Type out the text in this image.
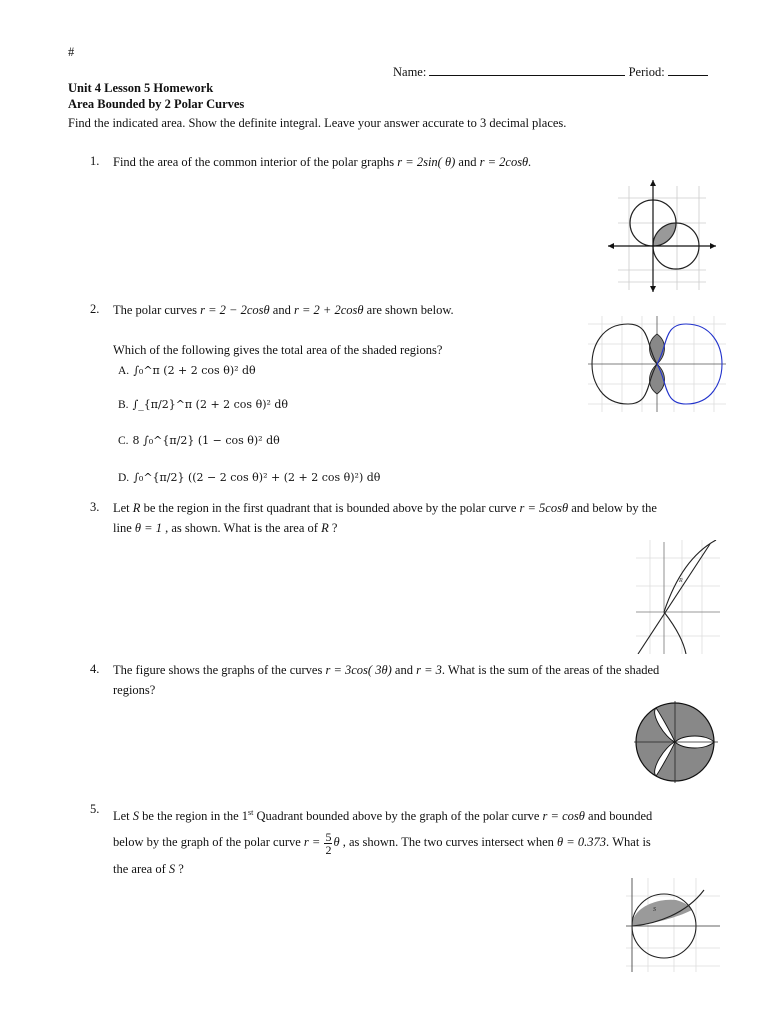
#
Name:	Period:
Unit 4 Lesson 5 Homework
Area Bounded by 2 Polar Curves
Find the indicated area. Show the definite integral. Leave your answer accurate to 3 decimal places.
1. Find the area of the common interior of the polar graphs r = 2sin( θ) and r = 2cosθ.
2. The polar curves r = 2 − 2cosθ and r = 2 + 2cosθ are shown below.
Which of the following gives the total area of the shaded regions?
A. ∫₀^π (2 + 2 cos θ)² dθ
B. ∫_{π/2}^π (2 + 2 cos θ)² dθ
C. 8 ∫₀^{π/2} (1 − cos θ)² dθ
D. ∫₀^{π/2} ((2 − 2 cos θ)² + (2 + 2 cos θ)²) dθ
3. Let R be the region in the first quadrant that is bounded above by the polar curve r = 5cosθ and below by the
line θ = 1 , as shown. What is the area of R ?
R
4. The figure shows the graphs of the curves r = 3cos( 3θ) and r = 3. What is the sum of the areas of the shaded
regions?
5.
Let S be the region in the 1st Quadrant bounded above by the graph of the polar curve r = cosθ and bounded
below by the graph of the polar curve $r = \frac{5}{2}$ θ , as shown. The two curves intersect when θ = 0.373. What is
the area of S ?
S
